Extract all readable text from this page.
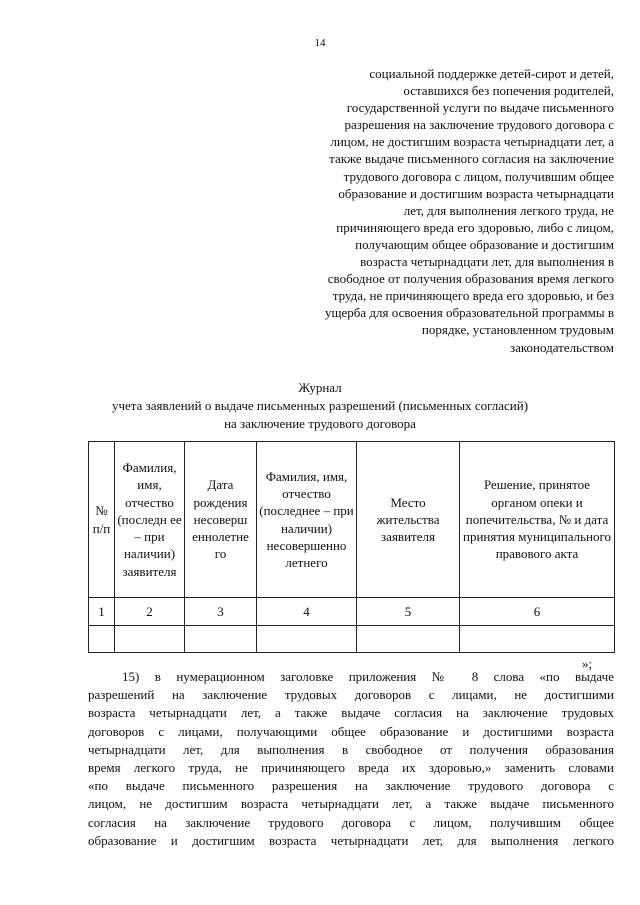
14
социальной поддержке детей-сирот и детей,
оставшихся без попечения родителей,
государственной услуги по выдаче письменного
разрешения на заключение трудового договора с
лицом, не достигшим возраста четырнадцати лет, а
также выдаче письменного согласия на заключение
трудового договора с лицом, получившим общее
образование и достигшим возраста четырнадцати
лет, для выполнения легкого труда, не
причиняющего вреда его здоровью, либо с лицом,
получающим общее образование и достигшим
возраста четырнадцати лет, для выполнения в
свободное от получения образования время легкого
труда, не причиняющего вреда его здоровью, и без
ущерба для освоения образовательной программы в
порядке, установленном трудовым
законодательством
Журнал
учета заявлений о выдаче письменных разрешений (письменных согласий)
на заключение трудового договора
№ п/п	Фамилия, имя, отчество (последн ее – при наличии) заявителя	Дата рождения несоверш еннолетне го	Фамилия, имя, отчество (последнее – при наличии) несовершенно летнего	Место жительства заявителя	Решение, принятое органом опеки и попечительства, № и дата принятия муниципального правового акта
1	2	3	4	5	6

»;
15) в нумерационном заголовке приложения № 8 слова «по выдаче
разрешений на заключение трудовых договоров с лицами, не достигшими
возраста четырнадцати лет, а также выдаче согласия на заключение трудовых
договоров с лицами, получающими общее образование и достигшими возраста
четырнадцати лет, для выполнения в свободное от получения образования
время легкого труда, не причиняющего вреда их здоровью,» заменить словами
«по выдаче письменного разрешения на заключение трудового договора с
лицом, не достигшим возраста четырнадцати лет, а также выдаче письменного
согласия на заключение трудового договора с лицом, получившим общее
образование и достигшим возраста четырнадцати лет, для выполнения легкого
